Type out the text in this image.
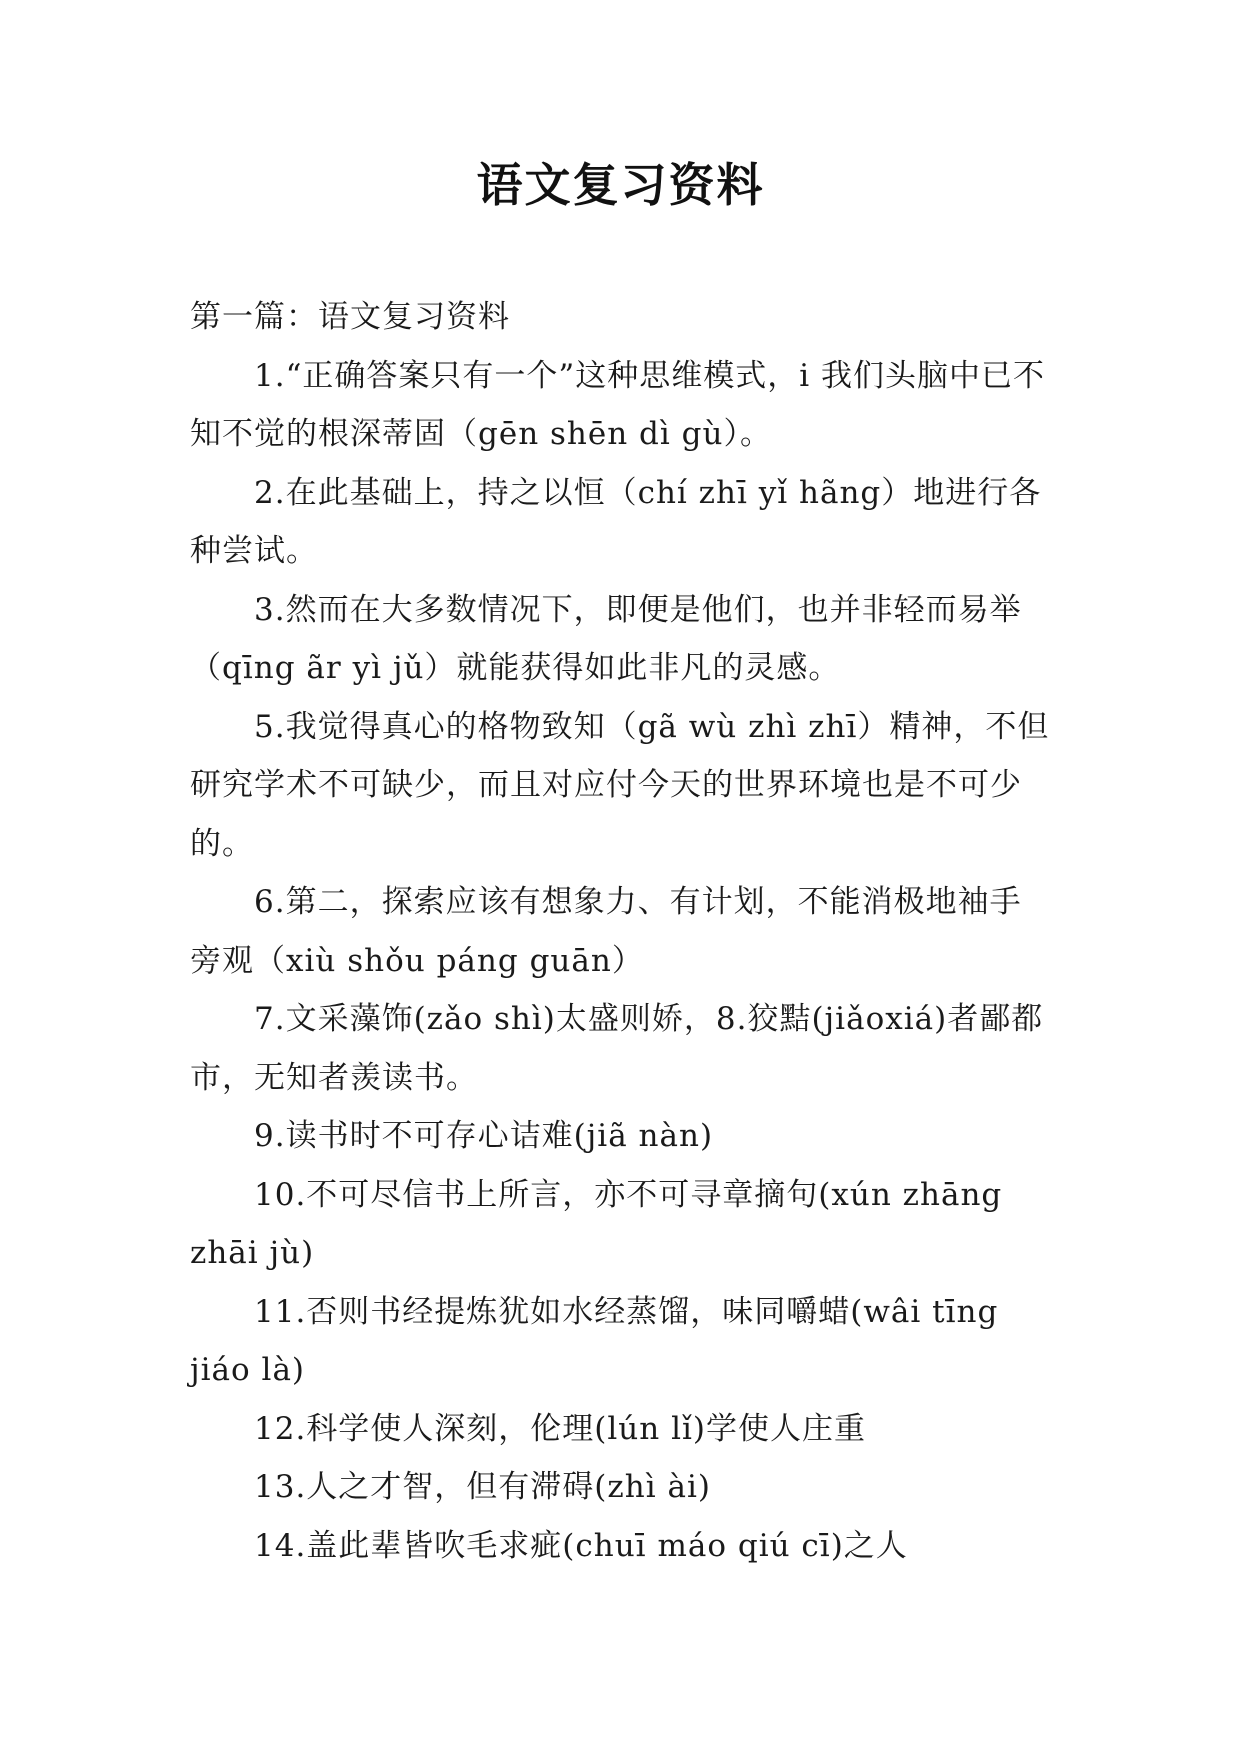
语文复习资料

第一篇：语文复习资料

1.“正确答案只有一个”这种思维模式，i 我们头脑中已不知不觉的根深蒂固（gēn shēn dì gù）。

2.在此基础上，持之以恒（chí zhī yǐ hãng）地进行各种尝试。

3.然而在大多数情况下，即便是他们，也并非轻而易举（qīng ãr yì jǔ）就能获得如此非凡的灵感。

5.我觉得真心的格物致知（gã wù zhì zhī）精神，不但研究学术不可缺少，而且对应付今天的世界环境也是不可少的。

6.第二，探索应该有想象力、有计划，不能消极地袖手旁观（xiù shǒu páng guān）

7.文采藻饰(zǎo shì)太盛则娇，8.狡黠(jiǎoxiá)者鄙都市，无知者羡读书。

9.读书时不可存心诘难(jiã nàn)

10.不可尽信书上所言，亦不可寻章摘句(xún zhāng zhāi jù)

11.否则书经提炼犹如水经蒸馏，味同嚼蜡(wâi tīng jiáo là)

12.科学使人深刻，伦理(lún lǐ)学使人庄重

13.人之才智，但有滞碍(zhì ài)

14.盖此辈皆吹毛求疵(chuī máo qiú cī)之人
